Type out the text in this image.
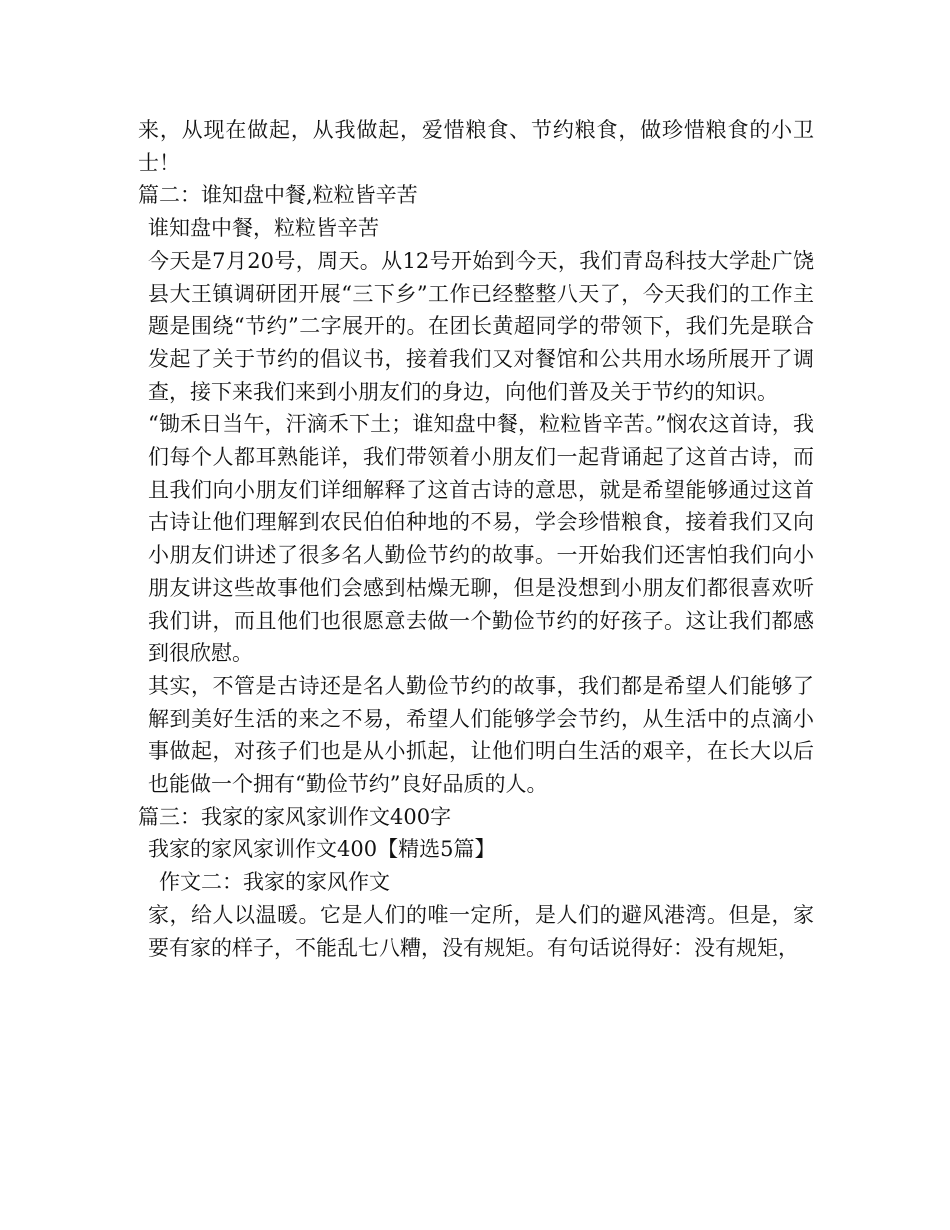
来，从现在做起，从我做起，爱惜粮食、节约粮食，做珍惜粮食的小卫士！

篇二：谁知盘中餐,粒粒皆辛苦

谁知盘中餐，粒粒皆辛苦

今天是7月20号，周天。从12号开始到今天，我们青岛科技大学赴广饶县大王镇调研团开展“三下乡”工作已经整整八天了，今天我们的工作主题是围绕“节约”二字展开的。在团长黄超同学的带领下，我们先是联合发起了关于节约的倡议书，接着我们又对餐馆和公共用水场所展开了调查，接下来我们来到小朋友们的身边，向他们普及关于节约的知识。

“锄禾日当午，汗滴禾下土；谁知盘中餐，粒粒皆辛苦。”悯农这首诗，我们每个人都耳熟能详，我们带领着小朋友们一起背诵起了这首古诗，而且我们向小朋友们详细解释了这首古诗的意思，就是希望能够通过这首古诗让他们理解到农民伯伯种地的不易，学会珍惜粮食，接着我们又向小朋友们讲述了很多名人勤俭节约的故事。一开始我们还害怕我们向小朋友讲这些故事他们会感到枯燥无聊，但是没想到小朋友们都很喜欢听我们讲，而且他们也很愿意去做一个勤俭节约的好孩子。这让我们都感到很欣慰。

其实，不管是古诗还是名人勤俭节约的故事，我们都是希望人们能够了解到美好生活的来之不易，希望人们能够学会节约，从生活中的点滴小事做起，对孩子们也是从小抓起，让他们明白生活的艰辛，在长大以后也能做一个拥有“勤俭节约”良好品质的人。

篇三：我家的家风家训作文400字

我家的家风家训作文400【精选5篇】

作文二：我家的家风作文

家，给人以温暖。它是人们的唯一定所，是人们的避风港湾。但是，家要有家的样子，不能乱七八糟，没有规矩。有句话说得好：没有规矩，
